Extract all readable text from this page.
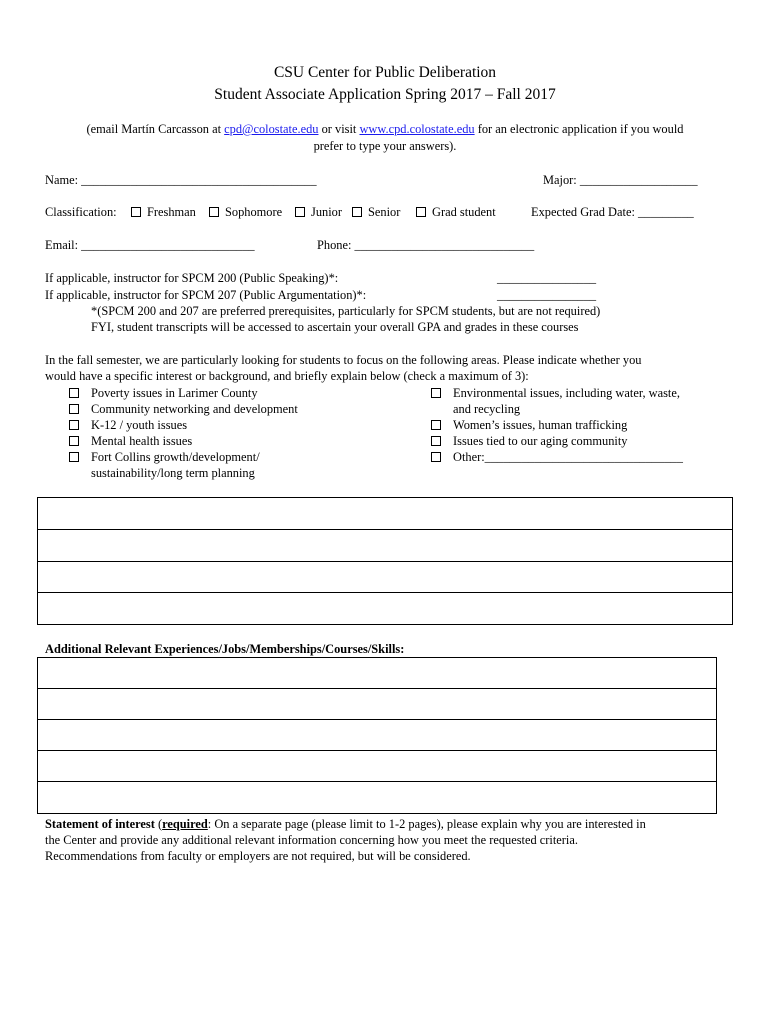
CSU Center for Public Deliberation
Student Associate Application Spring 2017 – Fall 2017
(email Martín Carcasson at cpd@colostate.edu or visit www.cpd.colostate.edu for an electronic application if you would
prefer to type your answers).
Name: ______________________________________	Major: ___________________
Classification:	Freshman	Sophomore	Junior	Senior	Grad student	Expected Grad Date: _________
Email: ____________________________	Phone: _____________________________
If applicable, instructor for SPCM 200 (Public Speaking)*:	________________
If applicable, instructor for SPCM 207 (Public Argumentation)*:	________________
*(SPCM 200 and 207 are preferred prerequisites, particularly for SPCM students, but are not required)
FYI, student transcripts will be accessed to ascertain your overall GPA and grades in these courses
In the fall semester, we are particularly looking for students to focus on the following areas. Please indicate whether you
would have a specific interest or background, and briefly explain below (check a maximum of 3):
Poverty issues in Larimer County
Community networking and development
K-12 / youth issues
Mental health issues
Fort Collins growth/development/
sustainability/long term planning
Environmental issues, including water, waste,
and recycling
Women’s issues, human trafficking
Issues tied to our aging community
Other:________________________________
Additional Relevant Experiences/Jobs/Memberships/Courses/Skills:
Statement of interest (required: On a separate page (please limit to 1-2 pages), please explain why you are interested in
the Center and provide any additional relevant information concerning how you meet the requested criteria.
Recommendations from faculty or employers are not required, but will be considered.
